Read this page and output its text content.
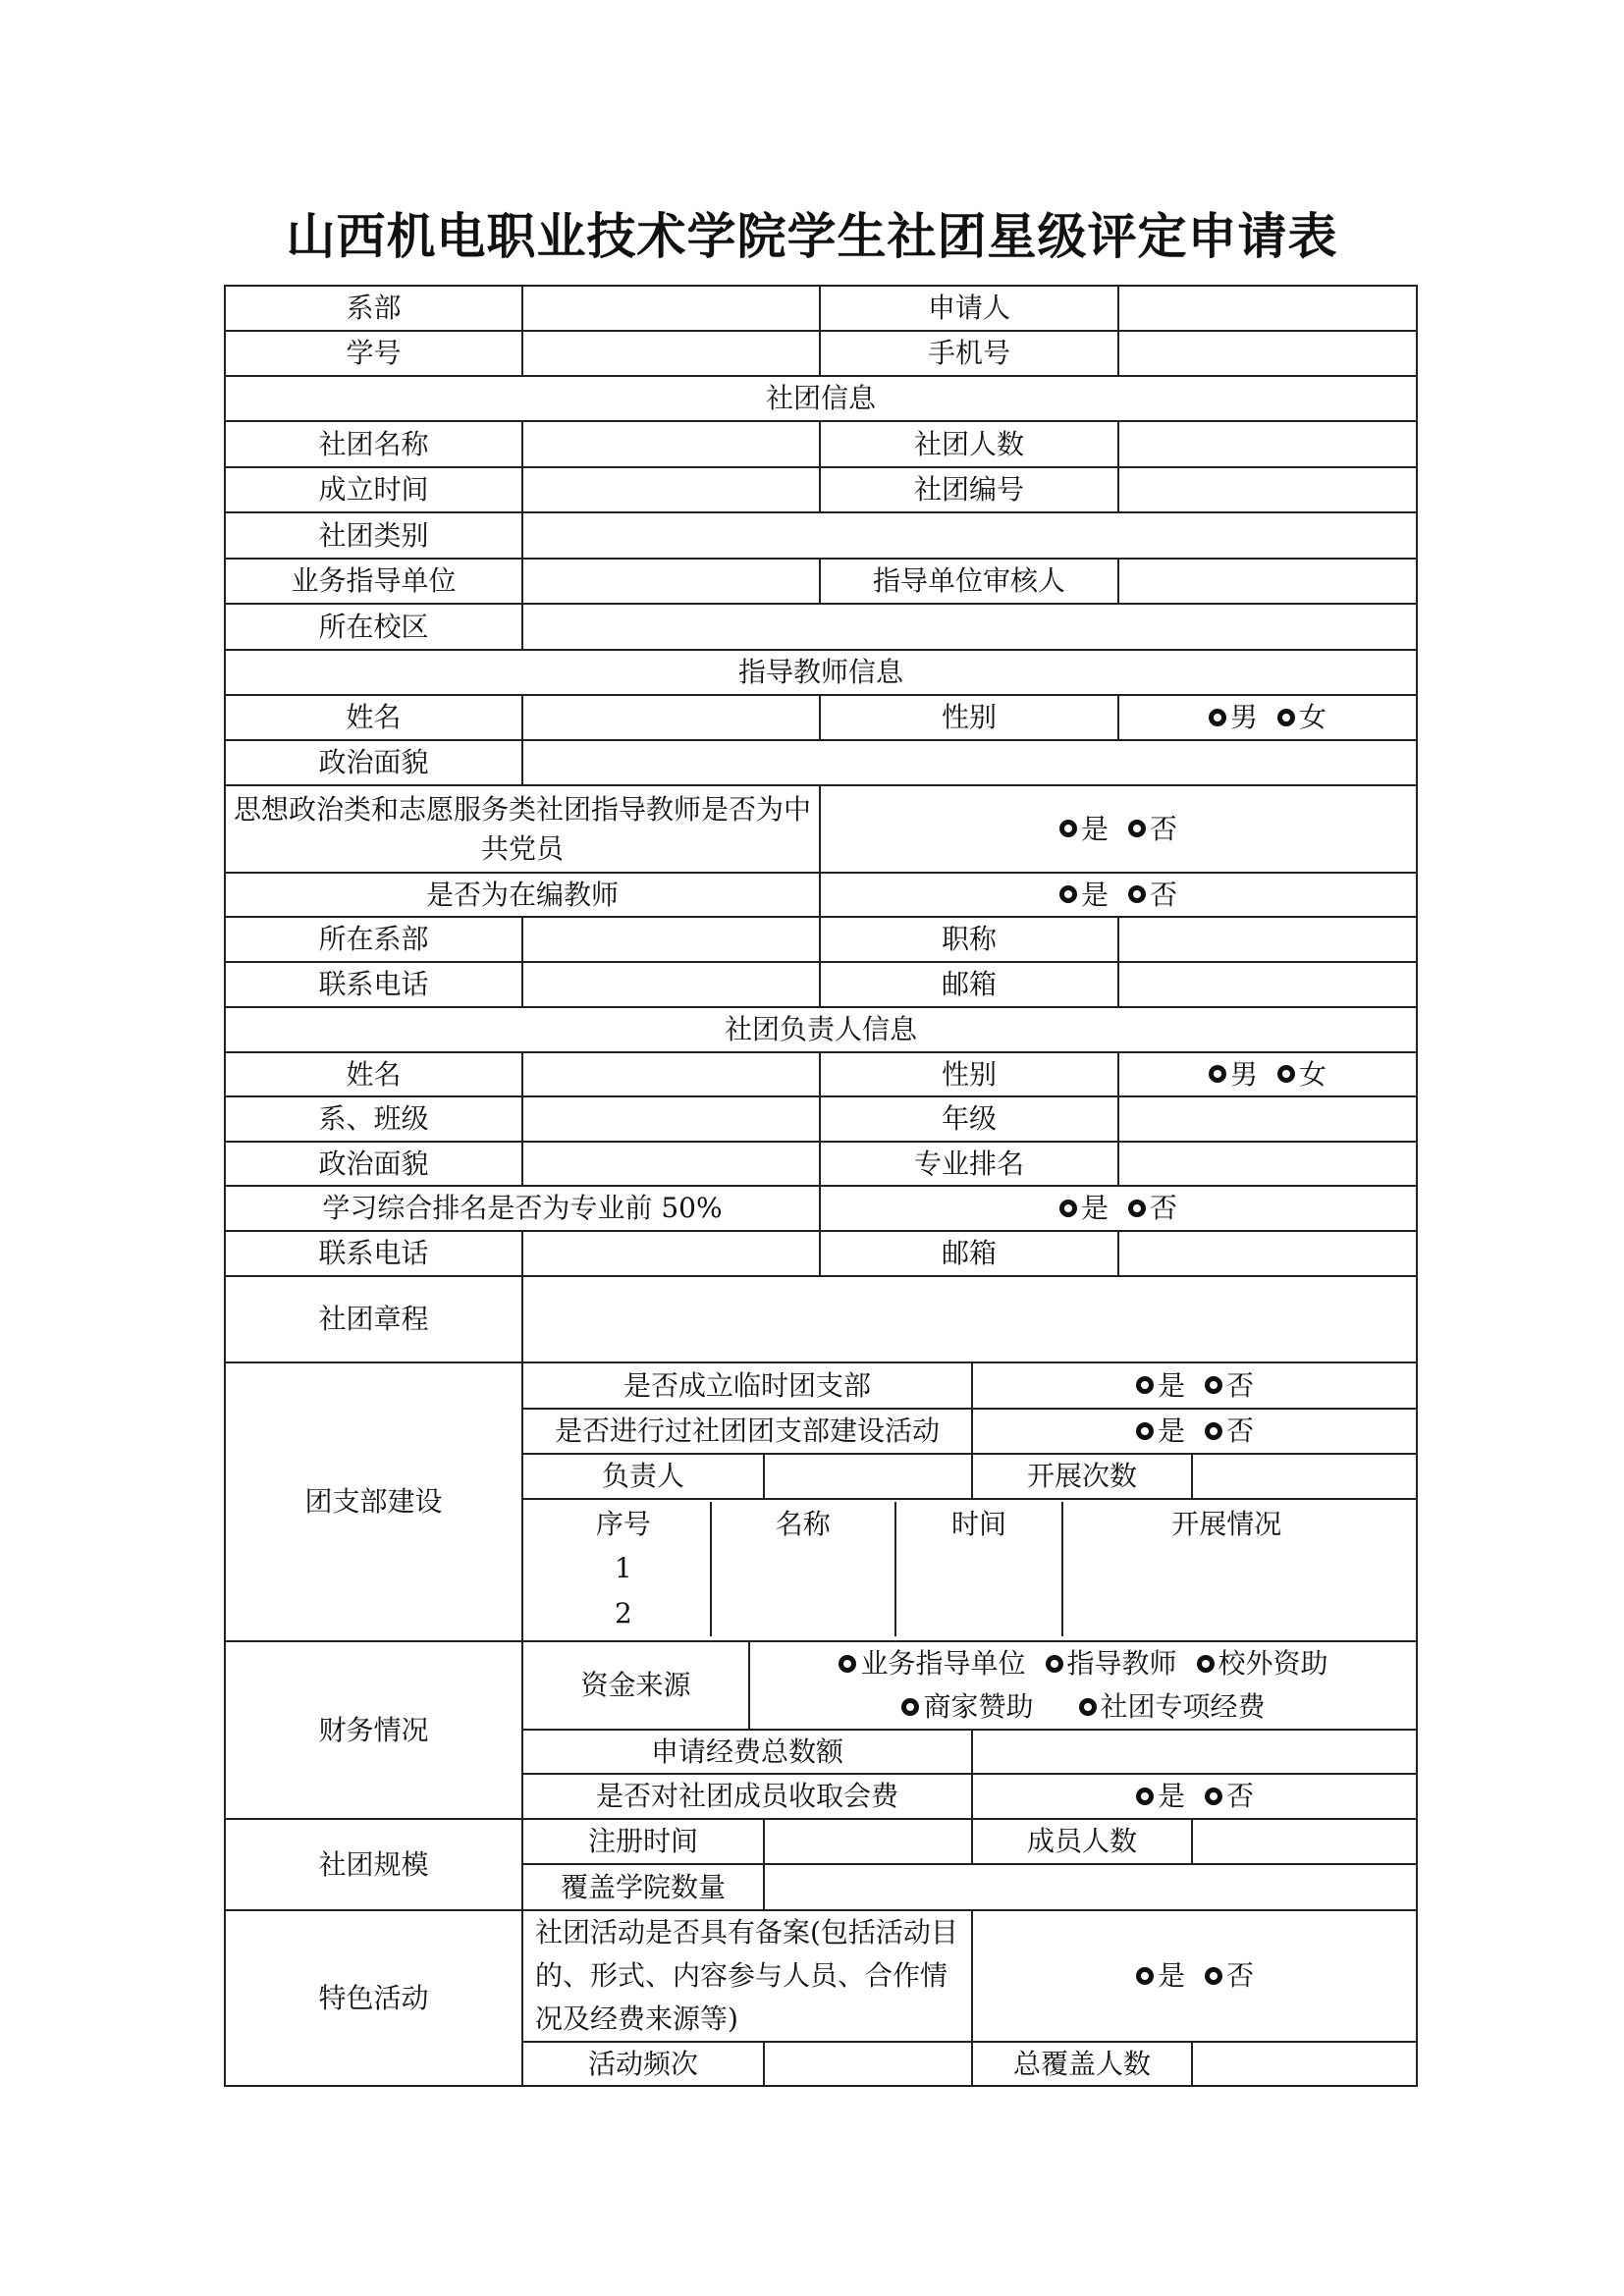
山西机电职业技术学院学生社团星级评定申请表
系部		申请人	
学号		手机号	
社团信息
社团名称		社团人数	
成立时间		社团编号	
社团类别	
业务指导单位		指导单位审核人	
所在校区	
指导教师信息
姓名		性别	男 女
政治面貌	
思想政治类和志愿服务类社团指导教师是否为中共党员	是 否
是否为在编教师	是 否
所在系部		职称	
联系电话		邮箱	
社团负责人信息
姓名		性别	男 女
系、班级		年级	
政治面貌		专业排名	
学习综合排名是否为专业前 50%	是 否
联系电话		邮箱	
社团章程	
团支部建设	
是否成立临时团支部	是 否
是否进行过社团团支部建设活动	是 否
负责人		开展次数	

序号	名称	时间	开展情况
1			
2			

财务情况	
资金来源	业务指导单位 指导教师 校外资助
商家赞助 社团专项经费
申请经费总数额	
是否对社团成员收取会费	是 否

社团规模	
注册时间		成员人数	
覆盖学院数量	

特色活动	
社团活动是否具有备案(包括活动目的、形式、内容参与人员、合作情况及经费来源等)	是 否
活动频次		总覆盖人数	
